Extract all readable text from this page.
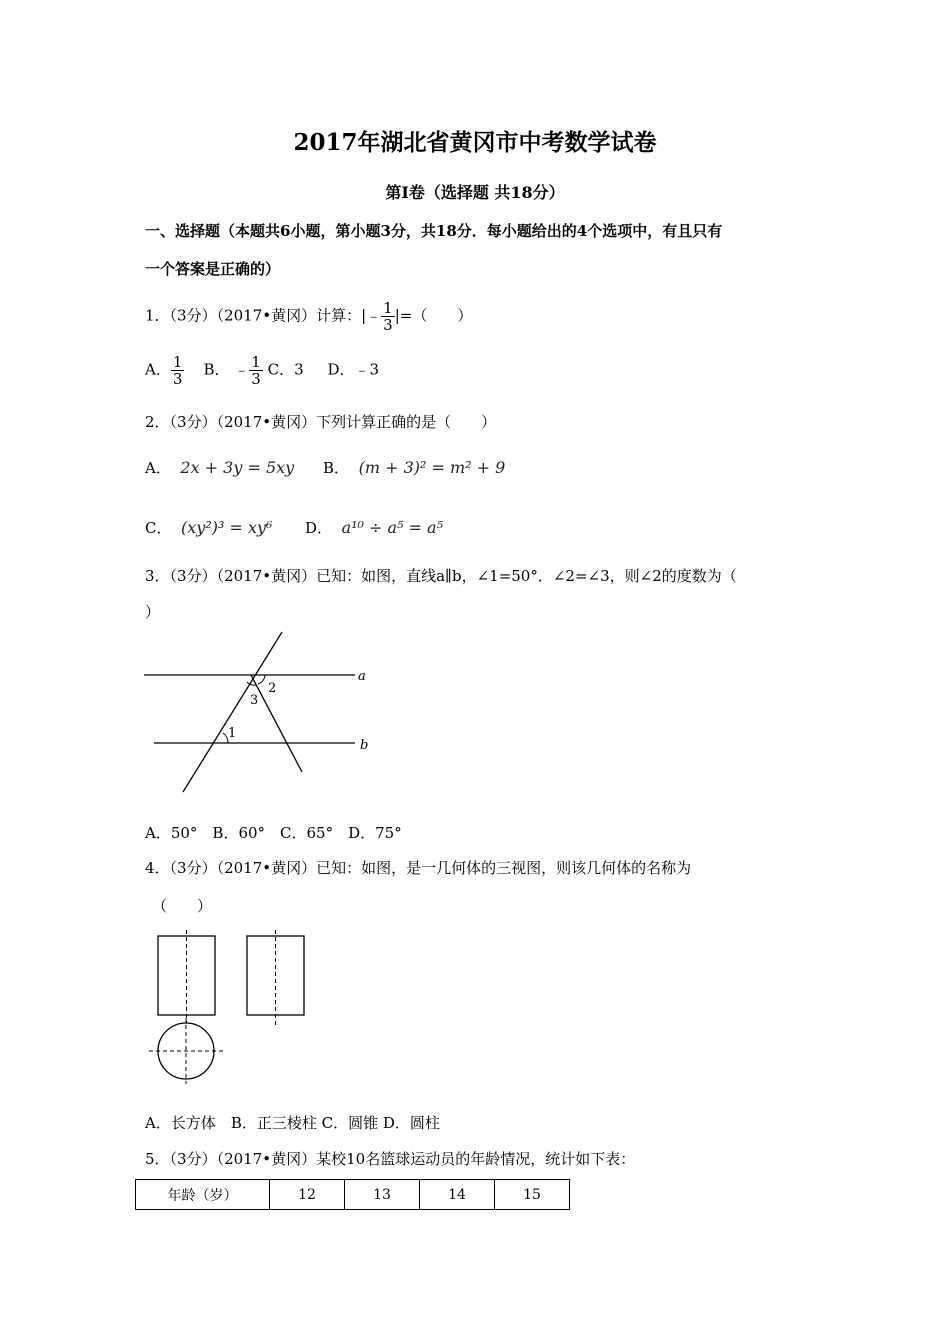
2017年湖北省黄冈市中考数学试卷
第Ⅰ卷（选择题 共18分）
一、选择题（本题共6小题，第小题3分，共18分．每小题给出的4个选项中，有且只有
一个答案是正确的）
1．（3分）（2017•黄冈）计算：|﹣ $\frac{1}{3}$ |=（　　）
A． $\frac{1}{3}$ B． ﹣ $\frac{1}{3}$ C．3 D．﹣3
2．（3分）（2017•黄冈）下列计算正确的是（　　）
A． 2x + 3y = 5xy B． (m + 3)² = m² + 9
C． (xy²)³ = xy⁶ D． a¹⁰ ÷ a⁵ = a⁵
3．（3分）（2017•黄冈）已知：如图，直线a∥b，∠1=50°．∠2=∠3，则∠2的度数为（
）
a
b
1
2
3
A．50°　B．60°　C．65°　D．75°
4．（3分）（2017•黄冈）已知：如图，是一几何体的三视图，则该几何体的名称为
（　　）
A．长方体　B．正三棱柱 C．圆锥 D．圆柱
5．（3分）（2017•黄冈）某校10名篮球运动员的年龄情况，统计如下表：
年龄（岁）	12	13	14	15
